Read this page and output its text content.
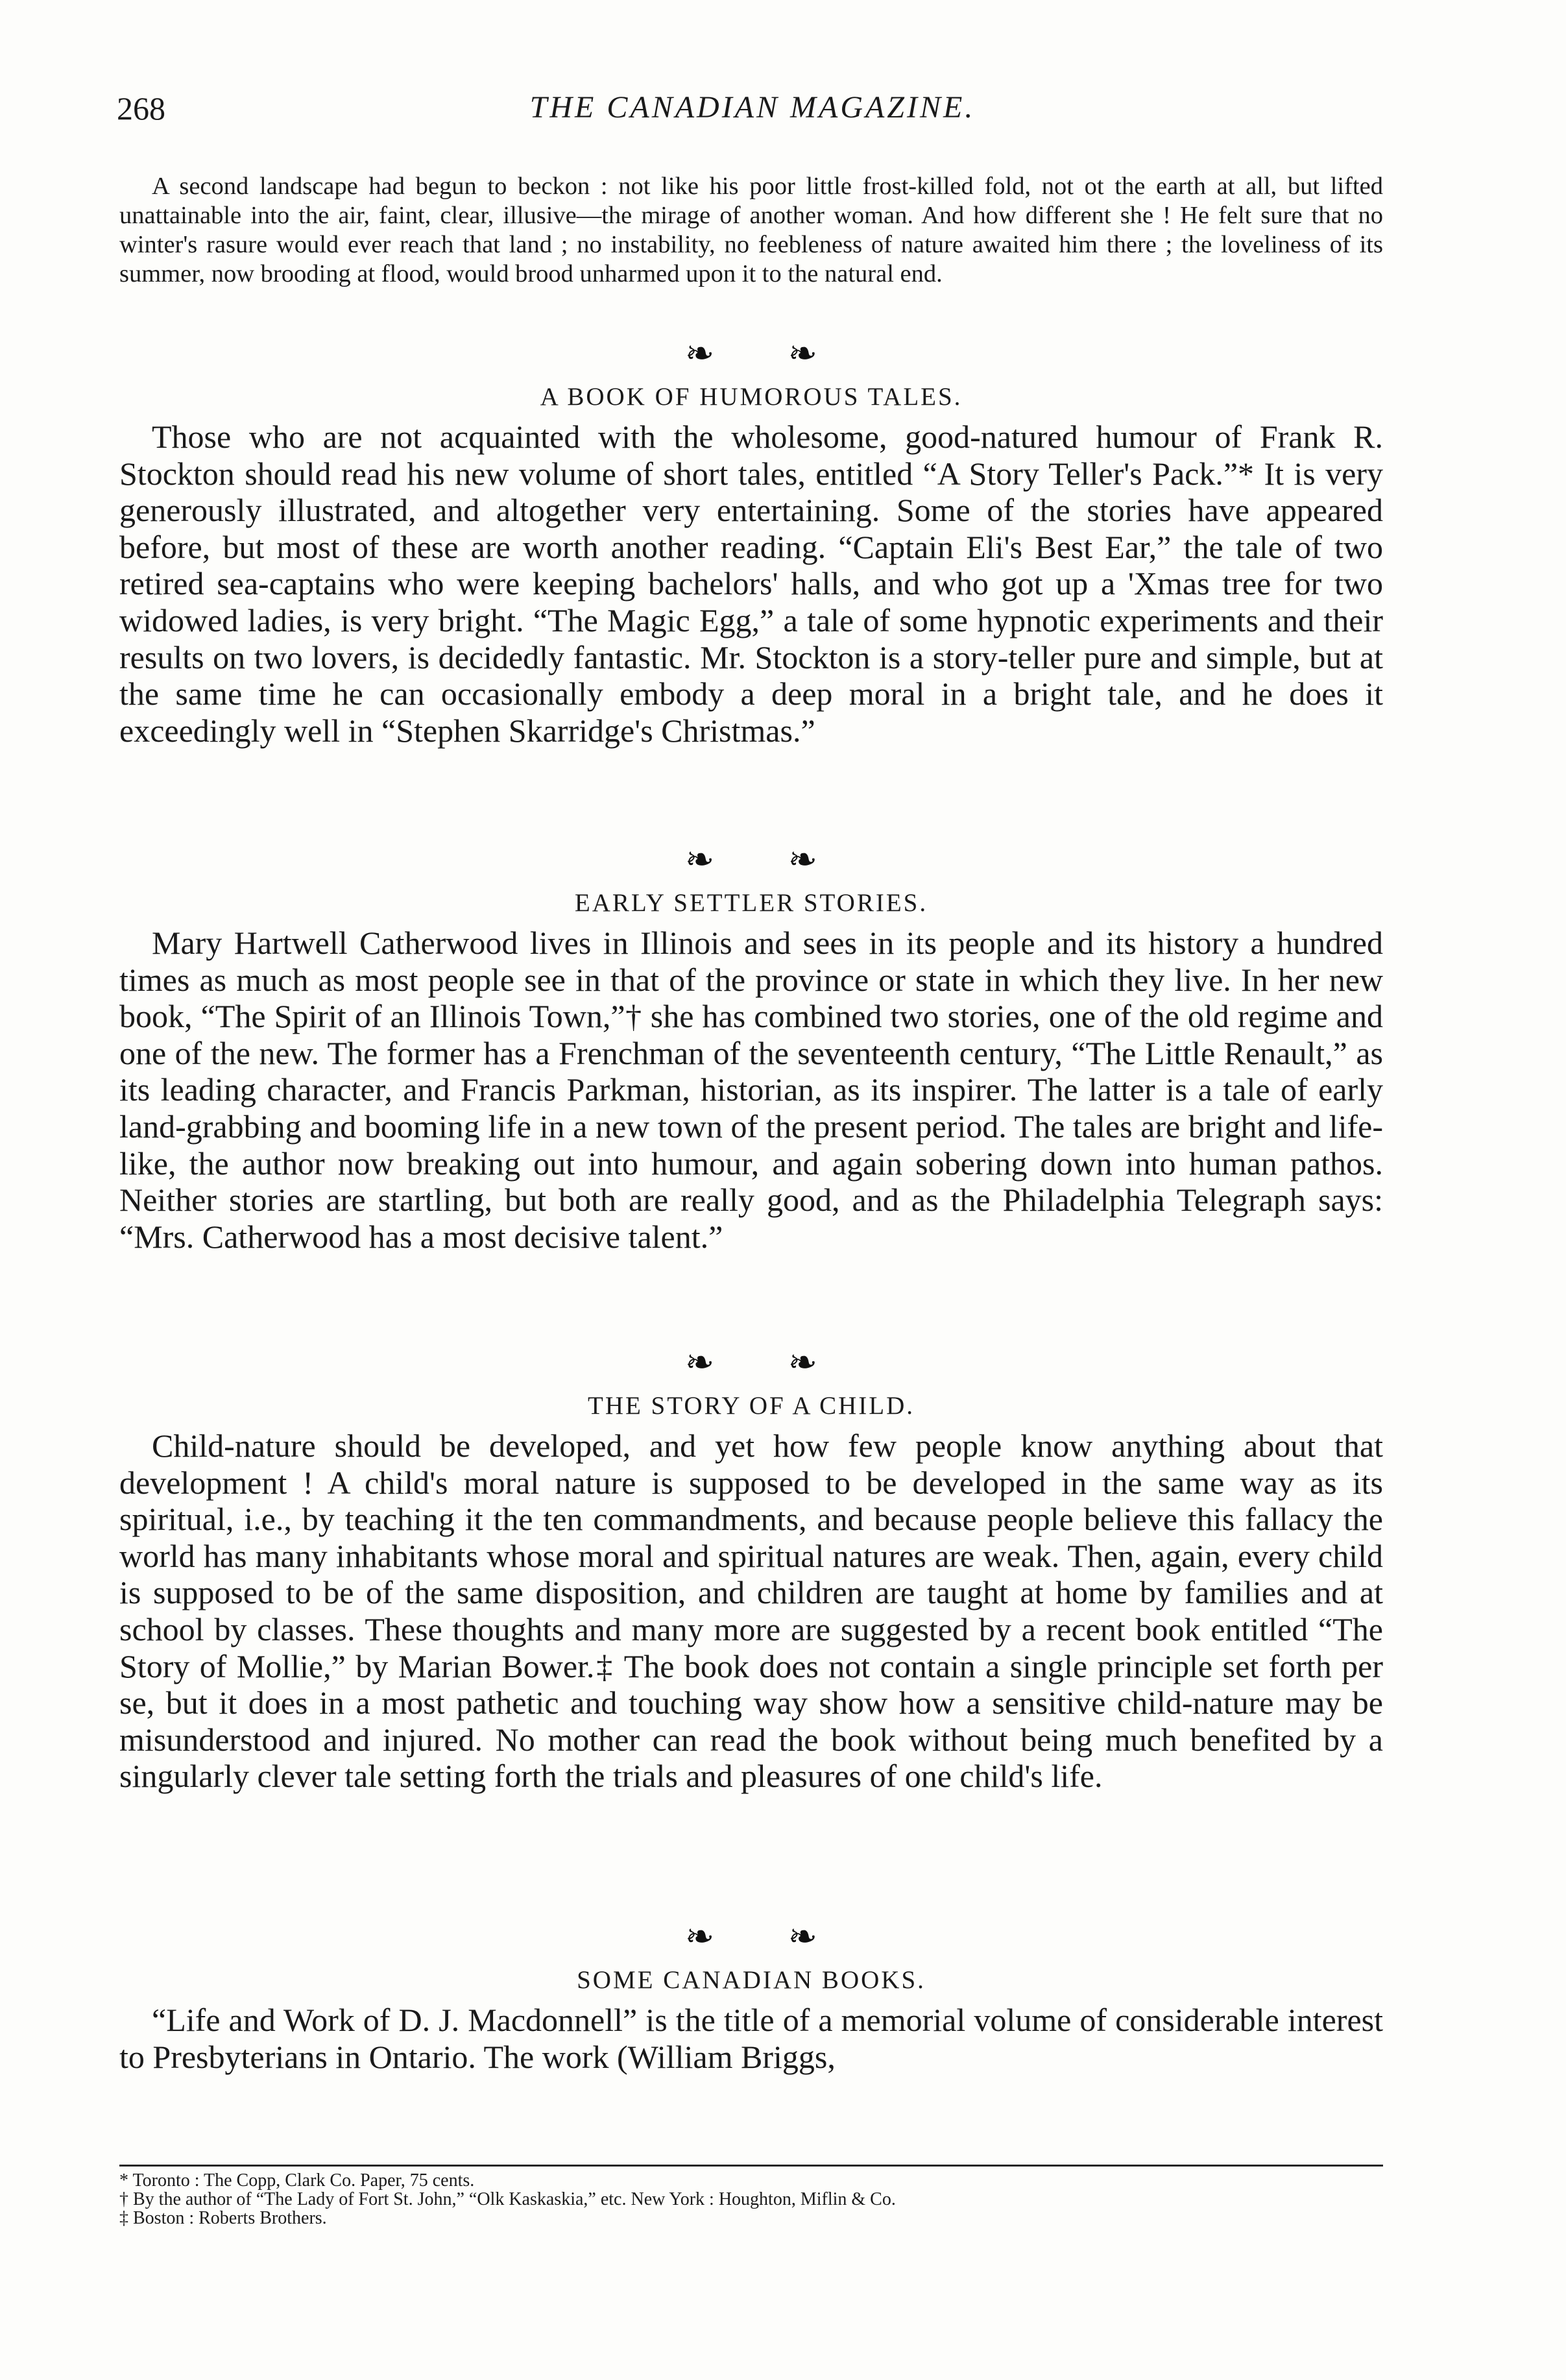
268	THE CANADIAN MAGAZINE.

A second landscape had begun to beckon : not like his poor little frost-killed fold, not ot the earth at all, but lifted unattainable into the air, faint, clear, illusive—the mirage of another woman. And how different she ! He felt sure that no winter's rasure would ever reach that land ; no instability, no feebleness of nature awaited him there ; the loveliness of its summer, now brooding at flood, would brood unharmed upon it to the natural end.

❧ ❧
A BOOK OF HUMOROUS TALES.

Those who are not acquainted with the wholesome, good-natured humour of Frank R. Stockton should read his new volume of short tales, entitled “A Story Teller's Pack.”* It is very generously illustrated, and altogether very entertaining. Some of the stories have appeared before, but most of these are worth another reading. “Captain Eli's Best Ear,” the tale of two retired sea-captains who were keeping bachelors' halls, and who got up a 'Xmas tree for two widowed ladies, is very bright. “The Magic Egg,” a tale of some hypnotic experiments and their results on two lovers, is decidedly fantastic. Mr. Stockton is a story-teller pure and simple, but at the same time he can occasionally embody a deep moral in a bright tale, and he does it exceedingly well in “Stephen Skarridge's Christmas.”

❧ ❧
EARLY SETTLER STORIES.

Mary Hartwell Catherwood lives in Illinois and sees in its people and its history a hundred times as much as most people see in that of the province or state in which they live. In her new book, “The Spirit of an Illinois Town,”† she has combined two stories, one of the old regime and one of the new. The former has a Frenchman of the seventeenth century, “The Little Renault,” as its leading character, and Francis Parkman, historian, as its inspirer. The latter is a tale of early land-grabbing and booming life in a new town of the present period. The tales are bright and life-like, the author now breaking out into humour, and again sobering down into human pathos. Neither stories are startling, but both are really good, and as the Philadelphia Telegraph says: “Mrs. Catherwood has a most decisive talent.”

❧ ❧
THE STORY OF A CHILD.

Child-nature should be developed, and yet how few people know anything about that development ! A child's moral nature is supposed to be developed in the same way as its spiritual, i.e., by teaching it the ten commandments, and because people believe this fallacy the world has many inhabitants whose moral and spiritual natures are weak. Then, again, every child is supposed to be of the same disposition, and children are taught at home by families and at school by classes. These thoughts and many more are suggested by a recent book entitled “The Story of Mollie,” by Marian Bower.‡ The book does not contain a single principle set forth per se, but it does in a most pathetic and touching way show how a sensitive child-nature may be misunderstood and injured. No mother can read the book without being much benefited by a singularly clever tale setting forth the trials and pleasures of one child's life.

❧ ❧
SOME CANADIAN BOOKS.

“Life and Work of D. J. Macdonnell” is the title of a memorial volume of considerable interest to Presbyterians in Ontario. The work (William Briggs,

* Toronto : The Copp, Clark Co. Paper, 75 cents.

† By the author of “The Lady of Fort St. John,” “Olk Kaskaskia,” etc. New York : Houghton, Miflin & Co.

‡ Boston : Roberts Brothers.
